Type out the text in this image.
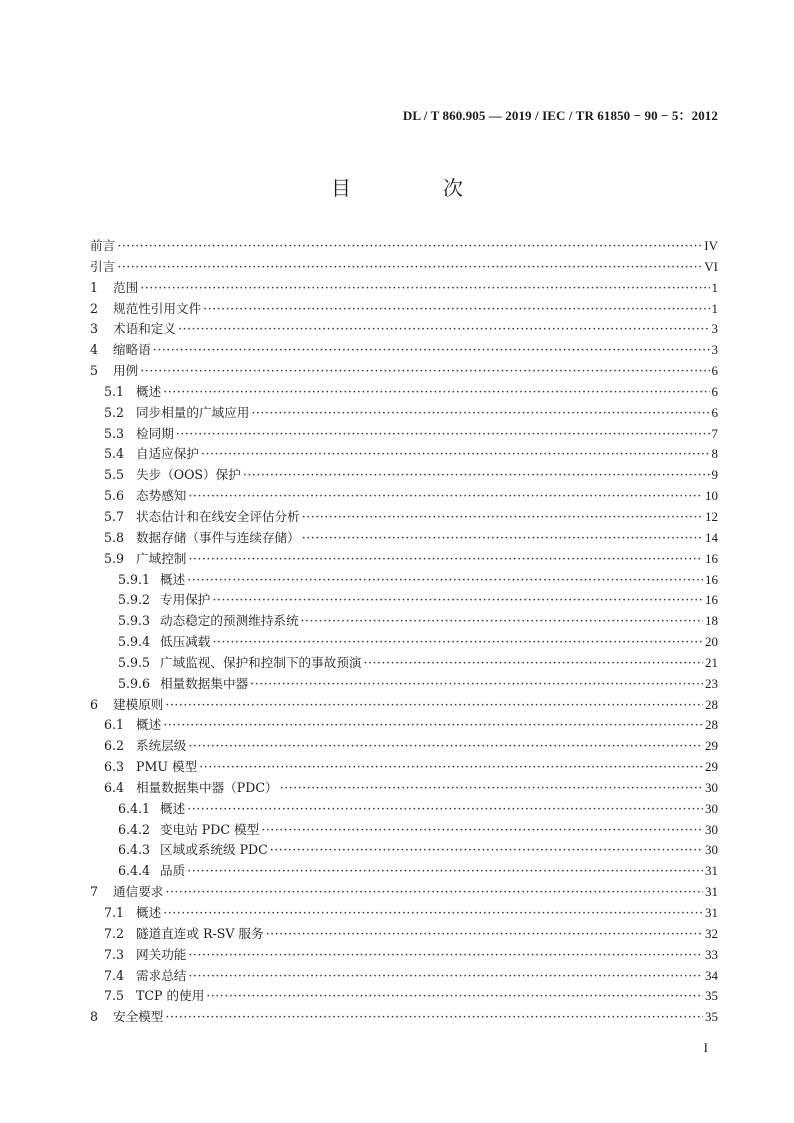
DL / T 860.905 — 2019 / IEC / TR 61850 − 90 − 5：2012
目　次
前言 ·····	IV
引言 ·····	VI
1	范围 ·····	1
2	规范性引用文件 ·····	1
3	术语和定义 ·····	3
4	缩略语 ·····	3
5	用例 ·····	6
5.1 概述 ·····	6
5.2 同步相量的广域应用 ·····	6
5.3 检同期 ·····	7
5.4 自适应保护 ·····	8
5.5 失步（OOS）保护 ·····	9
5.6 态势感知 ·····	10
5.7 状态估计和在线安全评估分析 ·····	12
5.8 数据存储（事件与连续存储） ·····	14
5.9 广域控制 ·····	16
5.9.1 概述 ·····	16
5.9.2 专用保护 ·····	16
5.9.3 动态稳定的预测维持系统 ·····	18
5.9.4 低压减载 ·····	20
5.9.5 广域监视、保护和控制下的事故预演 ·····	21
5.9.6 相量数据集中器 ·····	23
6	建模原则 ·····	28
6.1 概述 ·····	28
6.2 系统层级 ·····	29
6.3 PMU 模型 ·····	29
6.4 相量数据集中器（PDC） ·····	30
6.4.1 概述 ·····	30
6.4.2 变电站 PDC 模型 ·····	30
6.4.3 区域或系统级 PDC ·····	30
6.4.4 品质 ·····	31
7	通信要求 ·····	31
7.1 概述 ·····	31
7.2 隧道直连或 R-SV 服务 ·····	32
7.3 网关功能 ·····	33
7.4 需求总结 ·····	34
7.5 TCP 的使用 ·····	35
8	安全模型 ·····	35
I
